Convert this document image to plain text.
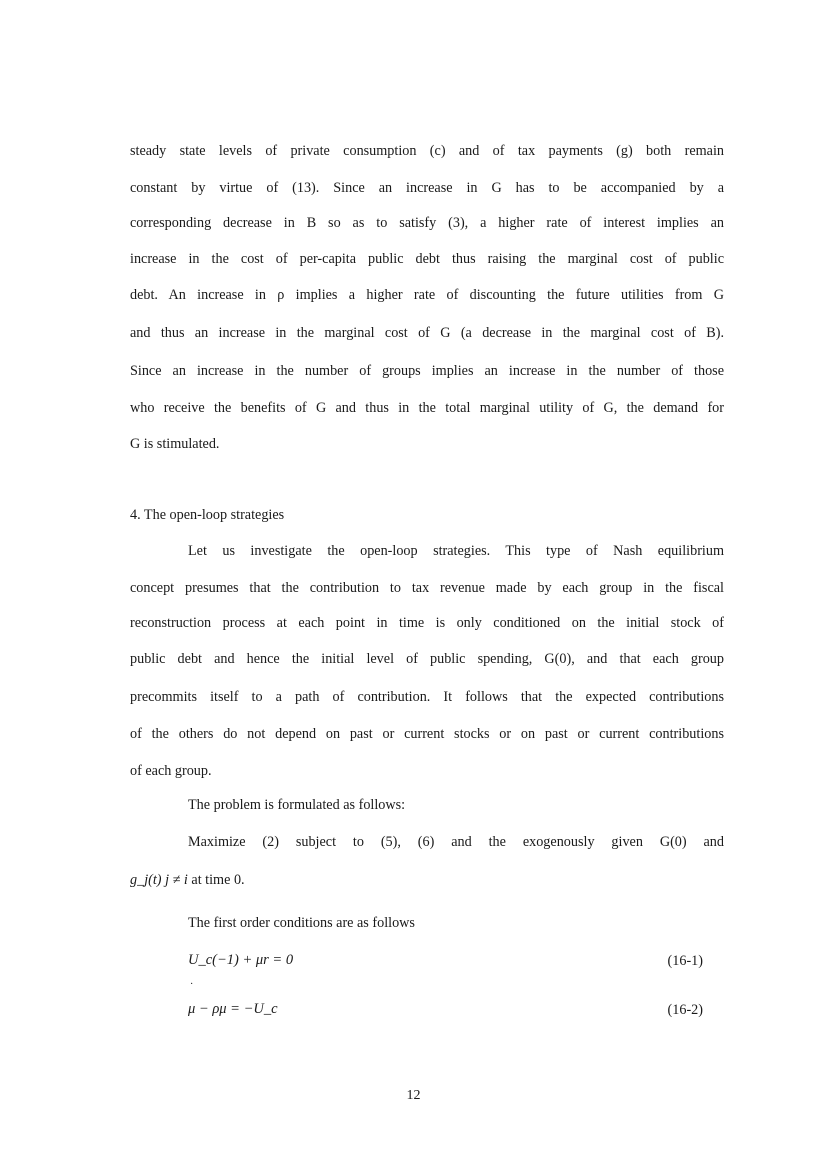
steady state levels of private consumption (c) and of tax payments (g) both remain
constant by virtue of (13). Since an increase in G has to be accompanied by a
corresponding decrease in B so as to satisfy (3), a higher rate of interest implies an
increase in the cost of per-capita public debt thus raising the marginal cost of public
debt. An increase in ρ implies a higher rate of discounting the future utilities from G
and thus an increase in the marginal cost of G (a decrease in the marginal cost of B).
Since an increase in the number of groups implies an increase in the number of those
who receive the benefits of G and thus in the total marginal utility of G, the demand for
G is stimulated.
4. The open-loop strategies
Let us investigate the open-loop strategies. This type of Nash equilibrium
concept presumes that the contribution to tax revenue made by each group in the fiscal
reconstruction process at each point in time is only conditioned on the initial stock of
public debt and hence the initial level of public spending, G(0), and that each group
precommits itself to a path of contribution. It follows that the expected contributions
of the others do not depend on past or current stocks or on past or current contributions
of each group.
The problem is formulated as follows:
Maximize (2) subject to (5), (6) and the exogenously given G(0) and
g_j(t) j ≠ i at time 0.
The first order conditions are as follows
U_c(−1) + μr = 0	(16-1)
·
μ − ρμ = −U_c	(16-2)
12
